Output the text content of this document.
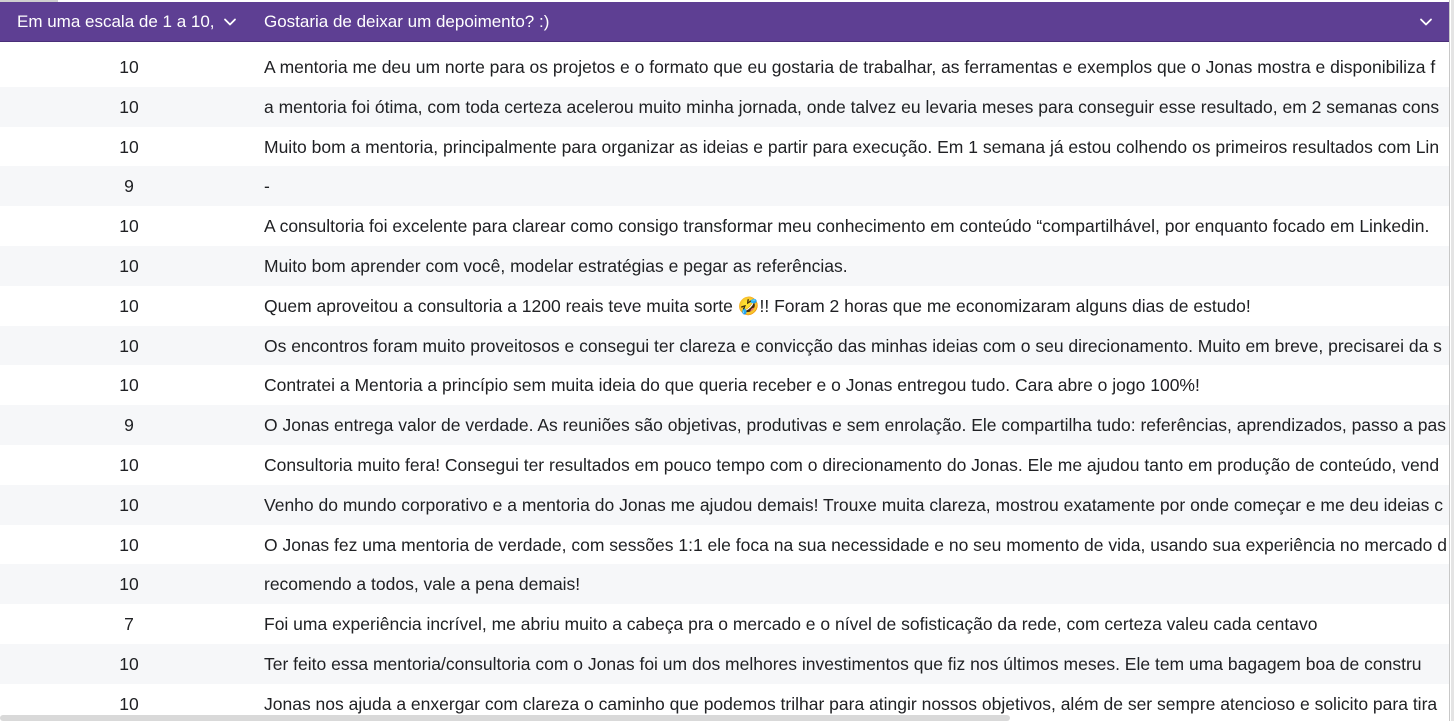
Em uma escala de 1 a 10,	Gostaria de deixar um depoimento? :)
10	A mentoria me deu um norte para os projetos e o formato que eu gostaria de trabalhar, as ferramentas e exemplos que o Jonas mostra e disponibiliza f
10	a mentoria foi ótima, com toda certeza acelerou muito minha jornada, onde talvez eu levaria meses para conseguir esse resultado, em 2 semanas cons
10	Muito bom a mentoria, principalmente para organizar as ideias e partir para execução. Em 1 semana já estou colhendo os primeiros resultados com Lin
9	-
10	A consultoria foi excelente para clarear como consigo transformar meu conhecimento em conteúdo “compartilhável, por enquanto focado em Linkedin.
10	Muito bom aprender com você, modelar estratégias e pegar as referências.
10	Quem aproveitou a consultoria a 1200 reais teve muita sorte 🤣!! Foram 2 horas que me economizaram alguns dias de estudo!
10	Os encontros foram muito proveitosos e consegui ter clareza e convicção das minhas ideias com o seu direcionamento. Muito em breve, precisarei da s
10	Contratei a Mentoria a princípio sem muita ideia do que queria receber e o Jonas entregou tudo. Cara abre o jogo 100%!
9	O Jonas entrega valor de verdade. As reuniões são objetivas, produtivas e sem enrolação. Ele compartilha tudo: referências, aprendizados, passo a pas
10	Consultoria muito fera! Consegui ter resultados em pouco tempo com o direcionamento do Jonas. Ele me ajudou tanto em produção de conteúdo, vend
10	Venho do mundo corporativo e a mentoria do Jonas me ajudou demais! Trouxe muita clareza, mostrou exatamente por onde começar e me deu ideias c
10	O Jonas fez uma mentoria de verdade, com sessões 1:1 ele foca na sua necessidade e no seu momento de vida, usando sua experiência no mercado d
10	recomendo a todos, vale a pena demais!
7	Foi uma experiência incrível, me abriu muito a cabeça pra o mercado e o nível de sofisticação da rede, com certeza valeu cada centavo
10	Ter feito essa mentoria/consultoria com o Jonas foi um dos melhores investimentos que fiz nos últimos meses. Ele tem uma bagagem boa de constru
10	Jonas nos ajuda a enxergar com clareza o caminho que podemos trilhar para atingir nossos objetivos, além de ser sempre atencioso e solicito para tira
